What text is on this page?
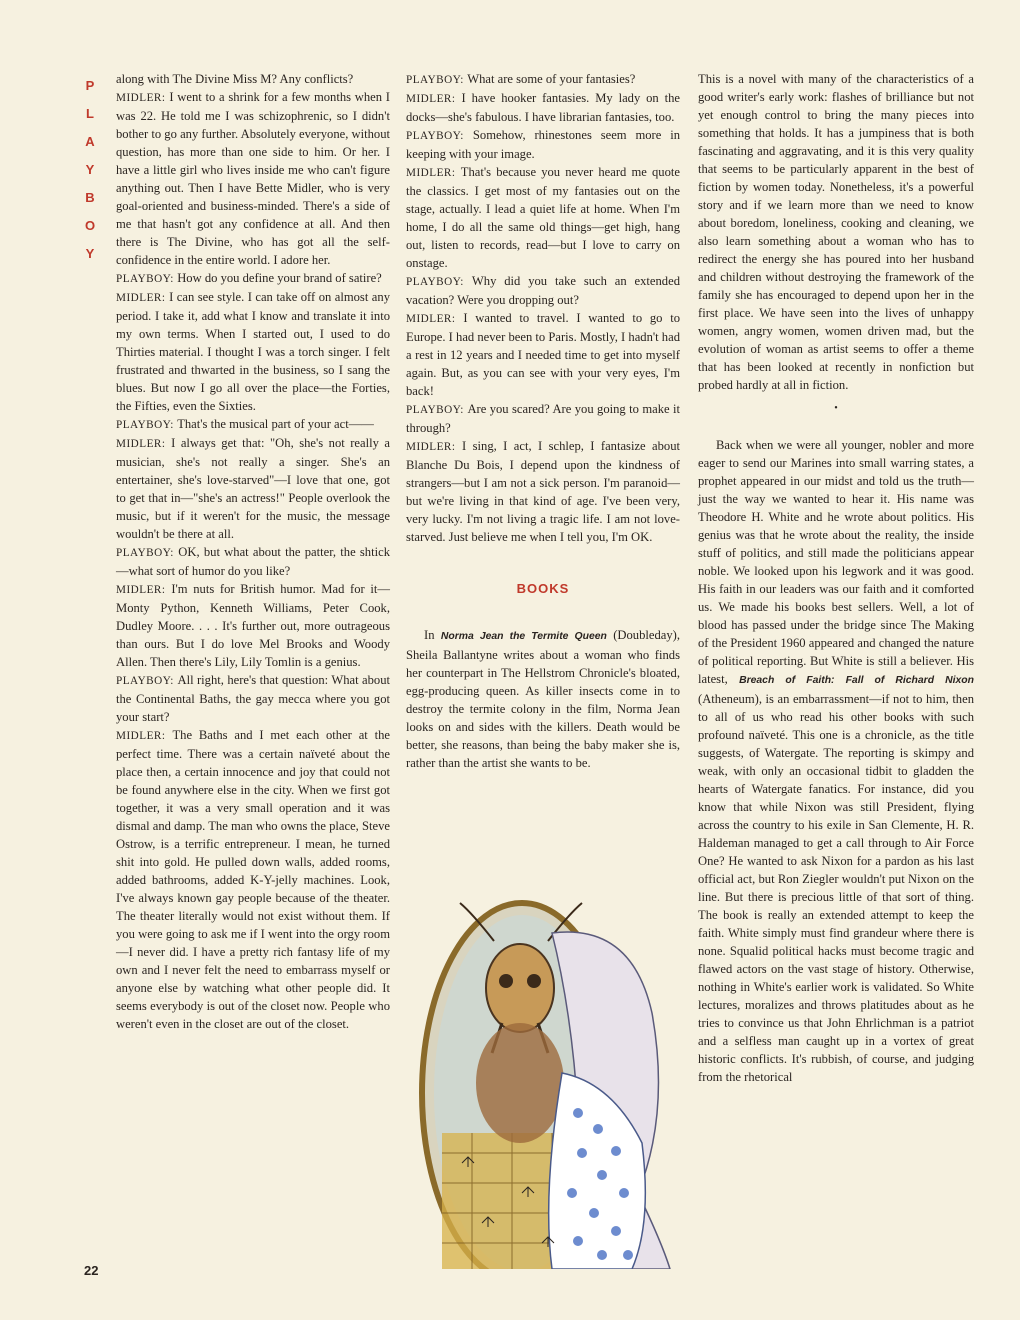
P
L
A
Y
B
O
Y
22

along with The Divine Miss M? Any conflicts?

MIDLER: I went to a shrink for a few months when I was 22. He told me I was schizophrenic, so I didn't bother to go any further. Absolutely everyone, without question, has more than one side to him. Or her. I have a little girl who lives inside me who can't figure anything out. Then I have Bette Midler, who is very goal-oriented and business-minded. There's a side of me that hasn't got any confidence at all. And then there is The Divine, who has got all the self-confidence in the entire world. I adore her.

PLAYBOY: How do you define your brand of satire?

MIDLER: I can see style. I can take off on almost any period. I take it, add what I know and translate it into my own terms. When I started out, I used to do Thirties material. I thought I was a torch singer. I felt frustrated and thwarted in the business, so I sang the blues. But now I go all over the place—the Forties, the Fifties, even the Sixties.

PLAYBOY: That's the musical part of your act——

MIDLER: I always get that: "Oh, she's not really a musician, she's not really a singer. She's an entertainer, she's love-starved"—I love that one, got to get that in—"she's an actress!" People overlook the music, but if it weren't for the music, the message wouldn't be there at all.

PLAYBOY: OK, but what about the patter, the shtick—what sort of humor do you like?

MIDLER: I'm nuts for British humor. Mad for it—Monty Python, Kenneth Williams, Peter Cook, Dudley Moore. . . . It's further out, more outrageous than ours. But I do love Mel Brooks and Woody Allen. Then there's Lily, Lily Tomlin is a genius.

PLAYBOY: All right, here's that question: What about the Continental Baths, the gay mecca where you got your start?

MIDLER: The Baths and I met each other at the perfect time. There was a certain naïveté about the place then, a certain innocence and joy that could not be found anywhere else in the city. When we first got together, it was a very small operation and it was dismal and damp. The man who owns the place, Steve Ostrow, is a terrific entrepreneur. I mean, he turned shit into gold. He pulled down walls, added rooms, added bathrooms, added K-Y-jelly machines. Look, I've always known gay people because of the theater. The theater literally would not exist without them. If you were going to ask me if I went into the orgy room—I never did. I have a pretty rich fantasy life of my own and I never felt the need to embarrass myself or anyone else by watching what other people did. It seems everybody is out of the closet now. People who weren't even in the closet are out of the closet.

PLAYBOY: What are some of your fantasies?

MIDLER: I have hooker fantasies. My lady on the docks—she's fabulous. I have librarian fantasies, too.

PLAYBOY: Somehow, rhinestones seem more in keeping with your image.

MIDLER: That's because you never heard me quote the classics. I get most of my fantasies out on the stage, actually. I lead a quiet life at home. When I'm home, I do all the same old things—get high, hang out, listen to records, read—but I love to carry on onstage.

PLAYBOY: Why did you take such an extended vacation? Were you dropping out?

MIDLER: I wanted to travel. I wanted to go to Europe. I had never been to Paris. Mostly, I hadn't had a rest in 12 years and I needed time to get into myself again. But, as you can see with your very eyes, I'm back!

PLAYBOY: Are you scared? Are you going to make it through?

MIDLER: I sing, I act, I schlep, I fantasize about Blanche Du Bois, I depend upon the kindness of strangers—but I am not a sick person. I'm paranoid—but we're living in that kind of age. I've been very, very lucky. I'm not living a tragic life. I am not love-starved. Just believe me when I tell you, I'm OK.

BOOKS

In Norma Jean the Termite Queen (Doubleday), Sheila Ballantyne writes about a woman who finds her counterpart in The Hellstrom Chronicle's bloated, egg-producing queen. As killer insects come in to destroy the termite colony in the film, Norma Jean looks on and sides with the killers. Death would be better, she reasons, than being the baby maker she is, rather than the artist she wants to be.

This is a novel with many of the characteristics of a good writer's early work: flashes of brilliance but not yet enough control to bring the many pieces into something that holds. It has a jumpiness that is both fascinating and aggravating, and it is this very quality that seems to be particularly apparent in the best of fiction by women today. Nonetheless, it's a powerful story and if we learn more than we need to know about boredom, loneliness, cooking and cleaning, we also learn something about a woman who has to redirect the energy she has poured into her husband and children without destroying the framework of the family she has encouraged to depend upon her in the first place. We have seen into the lives of unhappy women, angry women, women driven mad, but the evolution of woman as artist seems to offer a theme that has been looked at recently in nonfiction but probed hardly at all in fiction.

•

Back when we were all younger, nobler and more eager to send our Marines into small warring states, a prophet appeared in our midst and told us the truth—just the way we wanted to hear it. His name was Theodore H. White and he wrote about politics. His genius was that he wrote about the reality, the inside stuff of politics, and still made the politicians appear noble. We looked upon his legwork and it was good. His faith in our leaders was our faith and it comforted us. We made his books best sellers. Well, a lot of blood has passed under the bridge since The Making of the President 1960 appeared and changed the nature of political reporting. But White is still a believer. His latest, Breach of Faith: Fall of Richard Nixon (Atheneum), is an embarrassment—if not to him, then to all of us who read his other books with such profound naïveté. This one is a chronicle, as the title suggests, of Watergate. The reporting is skimpy and weak, with only an occasional tidbit to gladden the hearts of Watergate fanatics. For instance, did you know that while Nixon was still President, flying across the country to his exile in San Clemente, H. R. Haldeman managed to get a call through to Air Force One? He wanted to ask Nixon for a pardon as his last official act, but Ron Ziegler wouldn't put Nixon on the line. But there is precious little of that sort of thing. The book is really an extended attempt to keep the faith. White simply must find grandeur where there is none. Squalid political hacks must become tragic and flawed actors on the vast stage of history. Otherwise, nothing in White's earlier work is validated. So White lectures, moralizes and throws platitudes about as he tries to convince us that John Ehrlichman is a patriot and a selfless man caught up in a vortex of great historic conflicts. It's rubbish, of course, and judging from the rhetorical
